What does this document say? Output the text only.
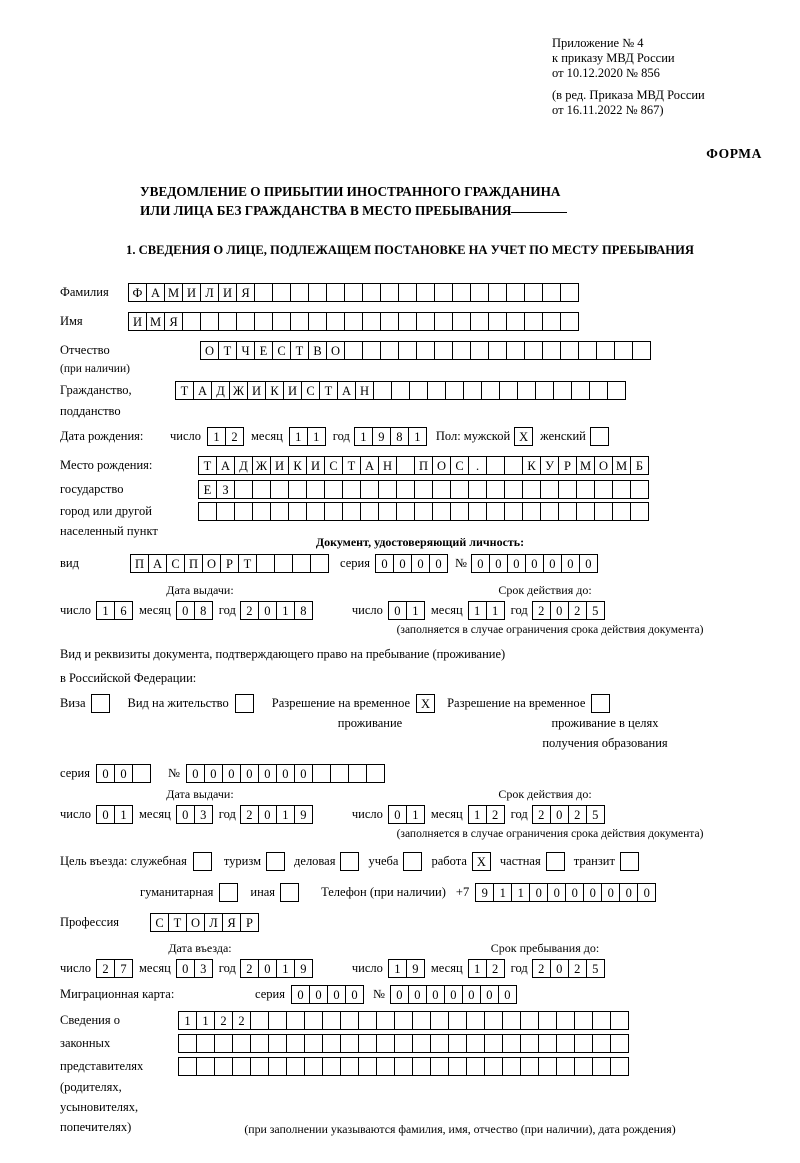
Приложение № 4
к приказу МВД России
от 10.12.2020 № 856
(в ред. Приказа МВД России
от 16.11.2022 № 867)
ФОРМА
УВЕДОМЛЕНИЕ О ПРИБЫТИИ ИНОСТРАННОГО ГРАЖДАНИНА
ИЛИ ЛИЦА БЕЗ ГРАЖДАНСТВА В МЕСТО ПРЕБЫВАНИЯ
1. СВЕДЕНИЯ О ЛИЦЕ, ПОДЛЕЖАЩЕМ ПОСТАНОВКЕ НА УЧЕТ ПО МЕСТУ ПРЕБЫВАНИЯ
Фамилия	Ф А М И Л И Я
Имя	И М Я
Отчество	О Т Ч Е С Т В О
(при наличии)
Гражданство,	Т А Д Ж И К И С Т А Н
подданство
Дата рождения:	число 1 2	месяц 1 1	год 1 9 8 1	Пол: мужской X женский
Место рождения:	Т А Д Ж И К И С Т А Н	П О С .	К У Р М О М Б
государство	Е З
город или другой
населенный пункт
Документ, удостоверяющий личность:
вид	П А С П О Р Т	серия 0 0 0 0	№ 0 0 0 0 0 0 0
Дата выдачи:	Срок действия до:
число 1 6 месяц 0 8 год 2 0 1 8	число 0 1 месяц 1 1 год 2 0 2 5
(заполняется в случае ограничения срока действия документа)
Вид и реквизиты документа, подтверждающего право на пребывание (проживание)
в Российской Федерации:
Виза	Вид на жительство	Разрешение на временное X	Разрешение на временное
проживание	проживание в целях
получения образования
серия 0 0	№ 0 0 0 0 0 0 0
Дата выдачи:	Срок действия до:
число 0 1 месяц 0 3 год 2 0 1 9	число 0 1 месяц 1 2 год 2 0 2 5
(заполняется в случае ограничения срока действия документа)
Цель въезда: служебная	туризм	деловая	учеба	работа X	частная	транзит
гуманитарная	иная	Телефон (при наличии) +7 9 1 1 0 0 0 0 0 0 0
Профессия	С Т О Л Я Р
Дата въезда:	Срок пребывания до:
число 2 7 месяц 0 3 год 2 0 1 9	число 1 9 месяц 1 2 год 2 0 2 5
Миграционная карта:	серия 0 0 0 0	№ 0 0 0 0 0 0 0
Сведения о	1 1 2 2
законных
представителях
(родителях,
усыновителях,
попечителях)	(при заполнении указываются фамилия, имя, отчество (при наличии), дата рождения)
